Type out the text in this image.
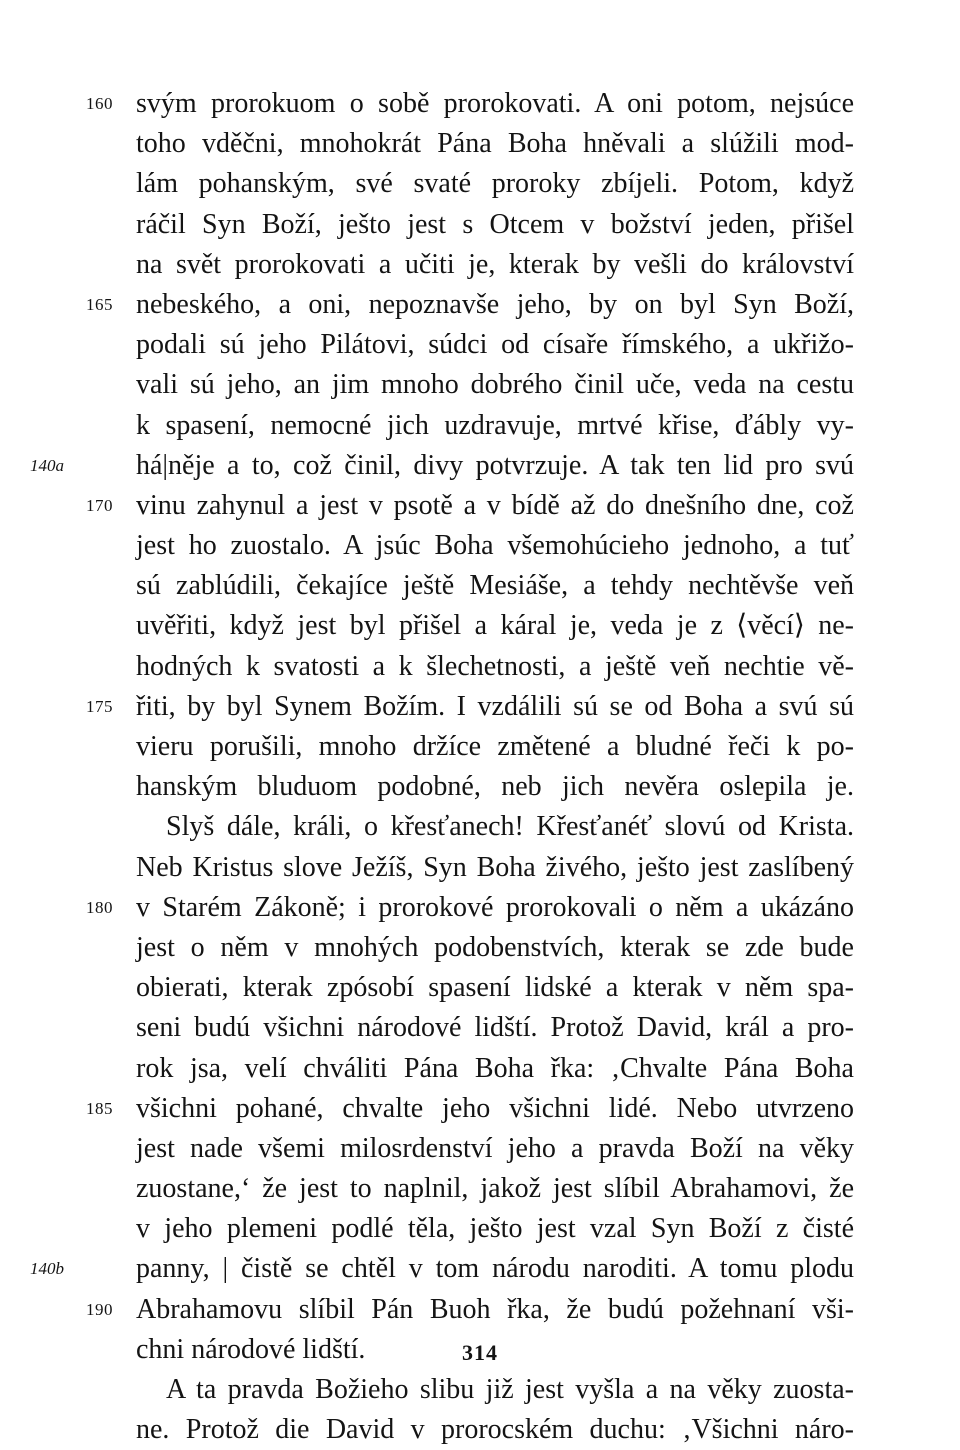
160 svým prorokuom o sobě prorokovati. A oni potom, nejsúce
toho vděčni, mnohokrát Pána Boha hněvali a slúžili mod-
lám pohanským, své svaté proroky zbíjeli. Potom, když
ráčil Syn Boží, ješto jest s Otcem v božství jeden, přišel
na svět prorokovati a učiti je, kterak by vešli do království
165 nebeského, a oni, nepoznavše jeho, by on byl Syn Boží,
podali sú jeho Pilátovi, súdci od císaře římského, a ukřižo-
vali sú jeho, an jim mnoho dobrého činil uče, veda na cestu
k spasení, nemocné jich uzdravuje, mrtvé křise, ďábly vy-
140a	há|něje a to, což činil, divy potvrzuje. A tak ten lid pro svú
170 vinu zahynul a jest v psotě a v bídě až do dnešního dne, což
jest ho zuostalo. A jsúc Boha všemohúcieho jednoho, a tuť
sú zablúdili, čekajíce ještě Mesiáše, a tehdy nechtěvše veň
uvěřiti, když jest byl přišel a káral je, veda je z ⟨věcí⟩ ne-
hodných k svatosti a k šlechetnosti, a ještě veň nechtie vě-
175 řiti, by byl Synem Božím. I vzdálili sú se od Boha a svú sú
vieru porušili, mnoho držíce změtené a bludné řeči k po-
hanským bluduom podobné, neb jich nevěra oslepila je.
Slyš dále, králi, o křesťanech! Křesťanéť slovú od Krista.
Neb Kristus slove Ježíš, Syn Boha živého, ješto jest zaslíbený
180 v Starém Zákoně; i prorokové prorokovali o něm a ukázáno
jest o něm v mnohých podobenstvích, kterak se zde bude
obierati, kterak zpósobí spasení lidské a kterak v něm spa-
seni budú všichni národové lidští. Protož David, král a pro-
rok jsa, velí chváliti Pána Boha řka: ‚Chvalte Pána Boha
185 všichni pohané, chvalte jeho všichni lidé. Nebo utvrzeno
jest nade všemi milosrdenství jeho a pravda Boží na věky
zuostane,‘ že jest to naplnil, jakož jest slíbil Abrahamovi, že
v jeho plemeni podlé těla, ješto jest vzal Syn Boží z čisté
140b	panny, | čistě se chtěl v tom národu naroditi. A tomu plodu
190 Abrahamovu slíbil Pán Buoh řka, že budú požehnaní vši-
chni národové lidští.
A ta pravda Božieho slibu již jest vyšla a na věky zuosta-
ne. Protož die David v prorocském duchu: ‚Všichni náro-
314
